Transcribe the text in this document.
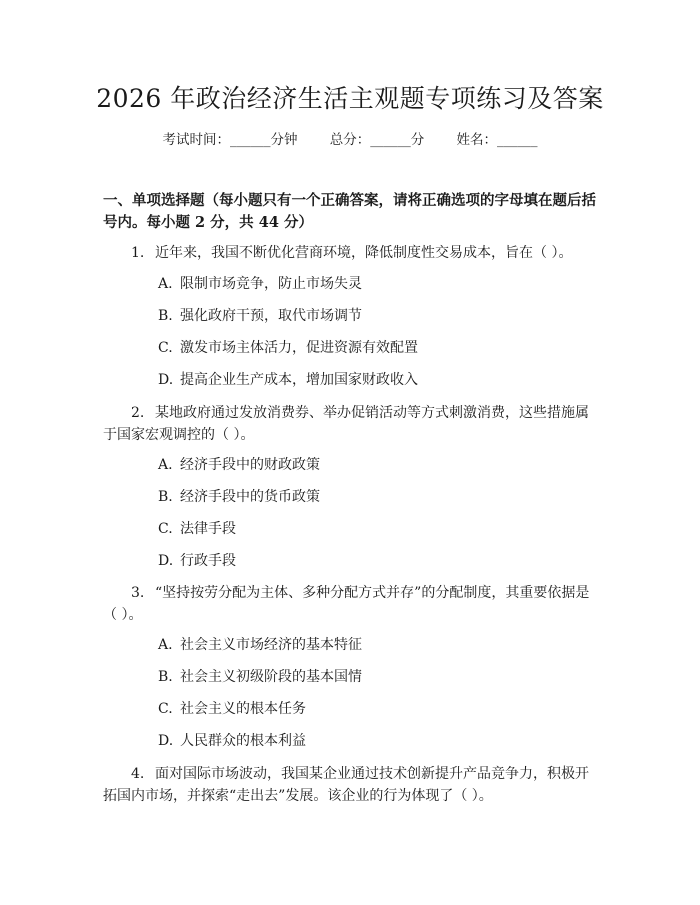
2026 年政治经济生活主观题专项练习及答案
考试时间：______分钟 总分：______分 姓名：______
一、单项选择题（每小题只有一个正确答案，请将正确选项的字母填在题后括号内。每小题 2 分，共 44 分）
1. 近年来，我国不断优化营商环境，降低制度性交易成本，旨在（ ）。
A. 限制市场竞争，防止市场失灵
B. 强化政府干预，取代市场调节
C. 激发市场主体活力，促进资源有效配置
D. 提高企业生产成本，增加国家财政收入
2. 某地政府通过发放消费券、举办促销活动等方式刺激消费，这些措施属于国家宏观调控的（ ）。
A. 经济手段中的财政政策
B. 经济手段中的货币政策
C. 法律手段
D. 行政手段
3. “坚持按劳分配为主体、多种分配方式并存”的分配制度，其重要依据是（ ）。
A. 社会主义市场经济的基本特征
B. 社会主义初级阶段的基本国情
C. 社会主义的根本任务
D. 人民群众的根本利益
4. 面对国际市场波动，我国某企业通过技术创新提升产品竞争力，积极开拓国内市场，并探索“走出去”发展。该企业的行为体现了（ ）。
